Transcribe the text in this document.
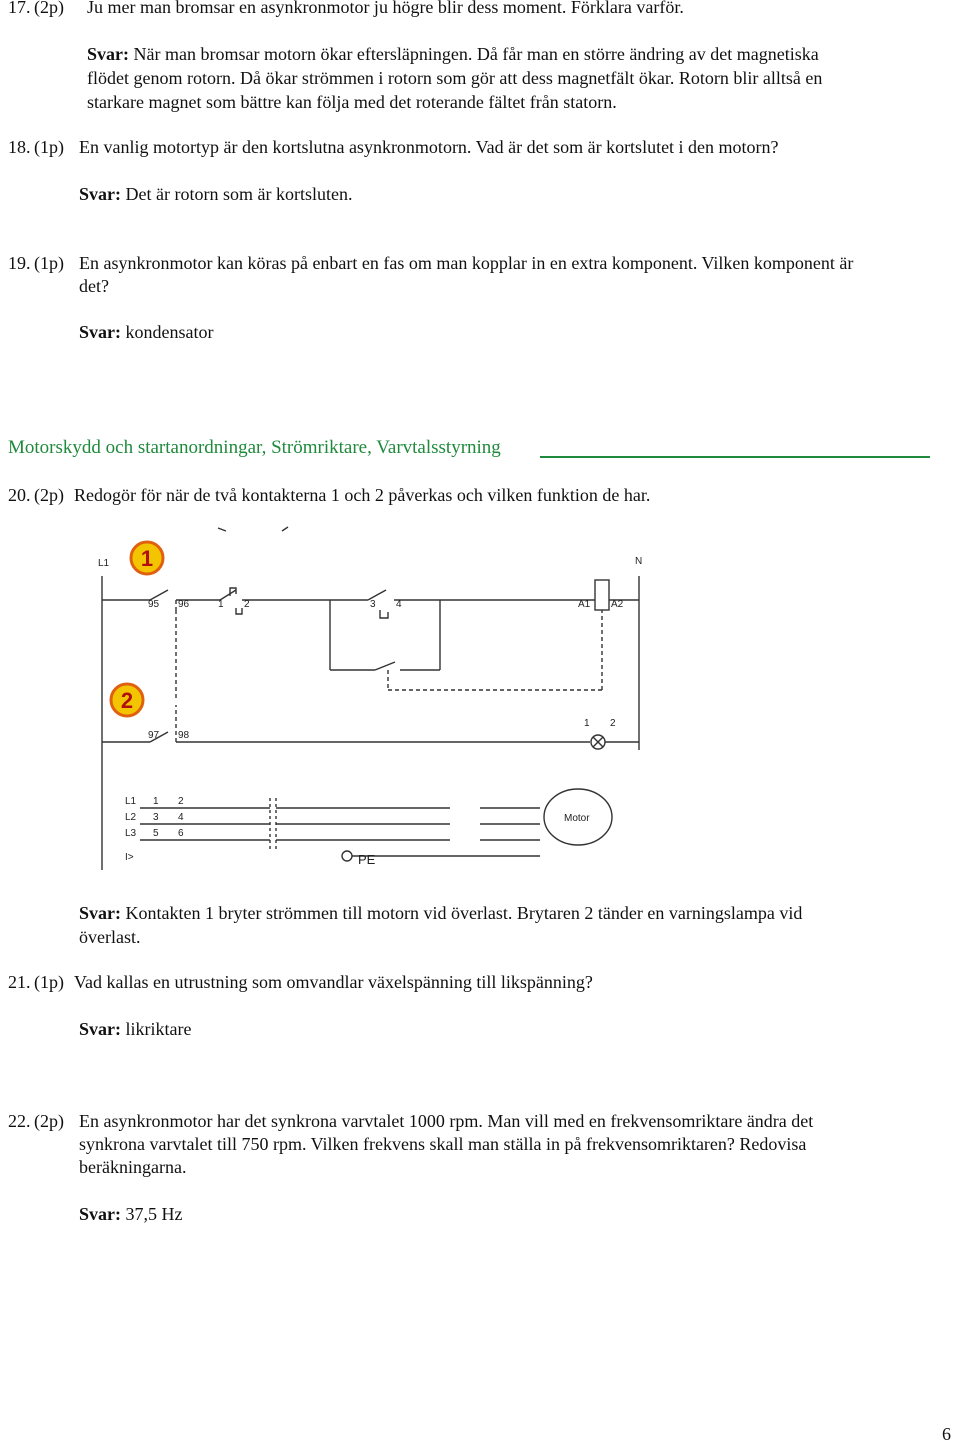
17. (2p) Ju mer man bromsar en asynkronmotor ju högre blir dess moment. Förklara varför.
Svar: När man bromsar motorn ökar eftersläpningen. Då får man en större ändring av det magnetiska
flödet genom rotorn. Då ökar strömmen i rotorn som gör att dess magnetfält ökar. Rotorn blir alltså en
starkare magnet som bättre kan följa med det roterande fältet från statorn.
18. (1p) En vanlig motortyp är den kortslutna asynkronmotorn. Vad är det som är kortslutet i den motorn?
Svar: Det är rotorn som är kortsluten.
19. (1p) En asynkronmotor kan köras på enbart en fas om man kopplar in en extra komponent. Vilken komponent är
det?
Svar: kondensator
Motorskydd och startanordningar, Strömriktare, Varvtalsstyrning
20. (2p) Redogör för när de två kontakterna 1 och 2 påverkas och vilken funktion de har.
1
2
L1	N
95 96	1 2	3 4	A1 A2
97 98
1 2
L1
L2
L3
1 2
3 4
5 6
I>
Motor
PE
Svar: Kontakten 1 bryter strömmen till motorn vid överlast. Brytaren 2 tänder en varningslampa vid
överlast.
21. (1p) Vad kallas en utrustning som omvandlar växelspänning till likspänning?
Svar: likriktare
22. (2p) En asynkronmotor har det synkrona varvtalet 1000 rpm. Man vill med en frekvensomriktare ändra det
synkrona varvtalet till 750 rpm. Vilken frekvens skall man ställa in på frekvensomriktaren? Redovisa
beräkningarna.
Svar: 37,5 Hz
6
